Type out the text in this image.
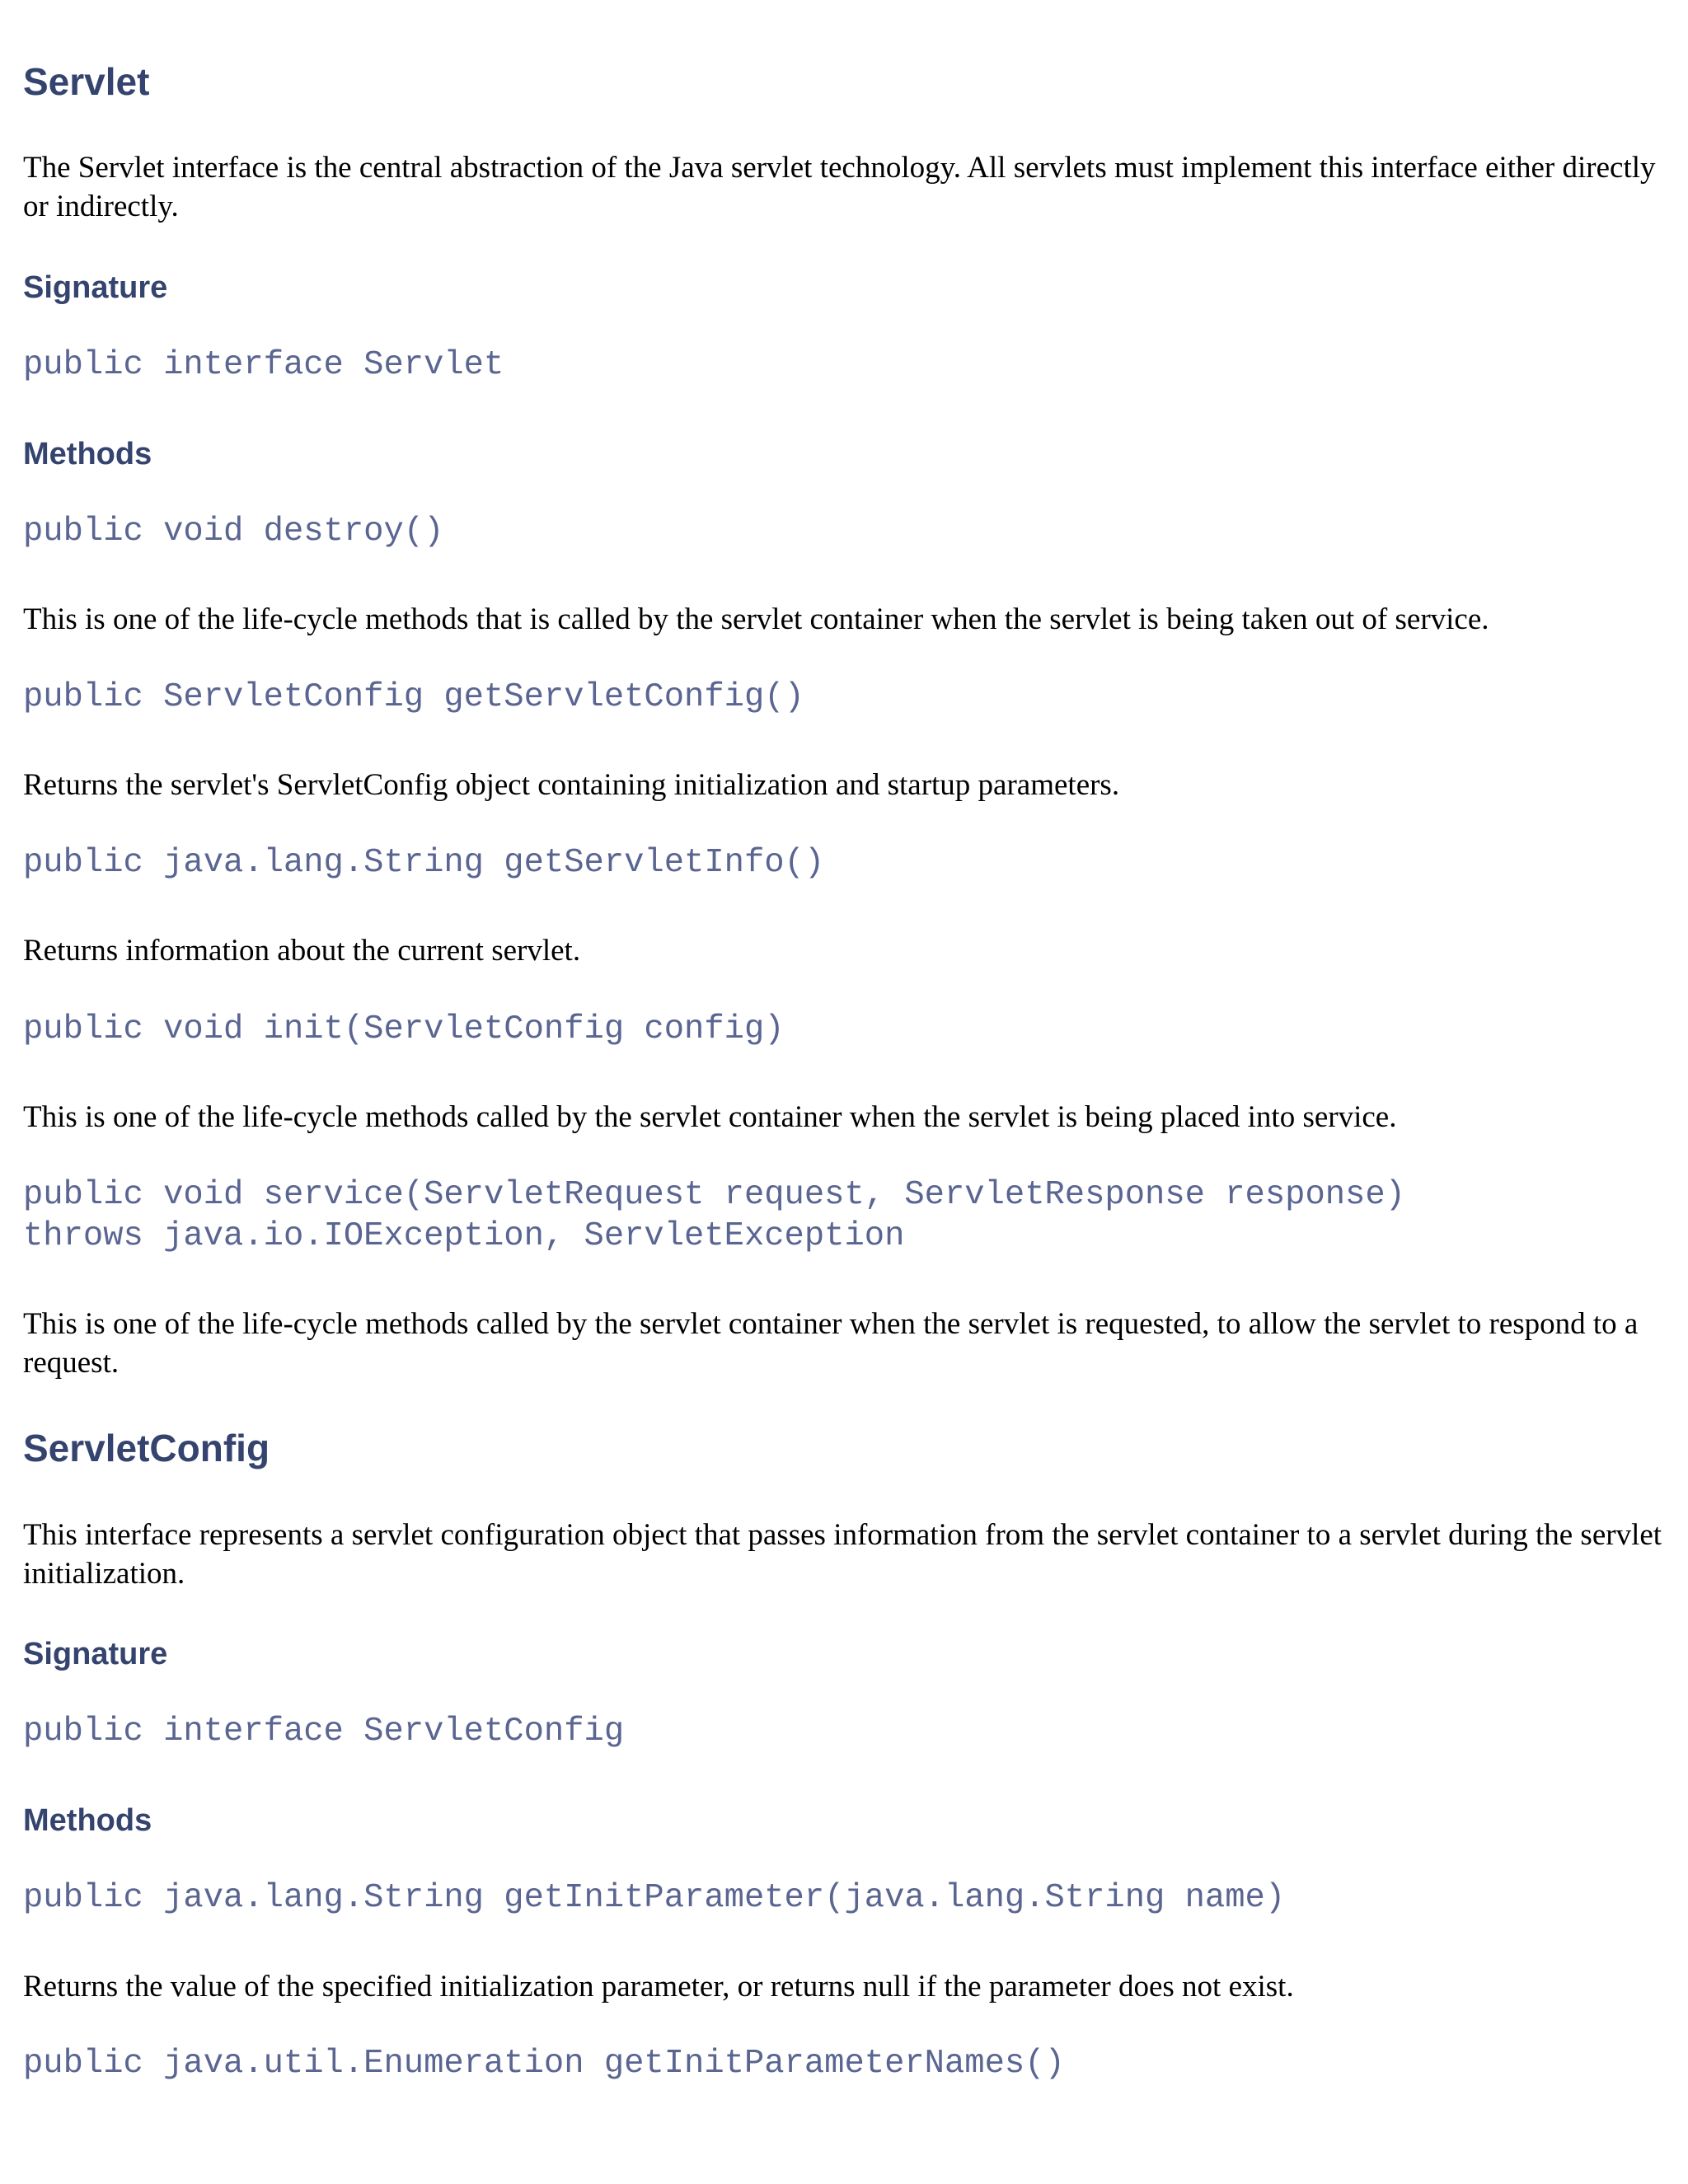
Servlet

The Servlet interface is the central abstraction of the Java servlet technology. All servlets must implement this interface either directly or indirectly.

Signature
public interface Servlet
Methods
public void destroy()

This is one of the life-cycle methods that is called by the servlet container when the servlet is being taken out of service.

public ServletConfig getServletConfig()

Returns the servlet's ServletConfig object containing initialization and startup parameters.

public java.lang.String getServletInfo()

Returns information about the current servlet.

public void init(ServletConfig config)

This is one of the life-cycle methods called by the servlet container when the servlet is being placed into service.

public void service(ServletRequest request, ServletResponse response)
throws java.io.IOException, ServletException

This is one of the life-cycle methods called by the servlet container when the servlet is requested, to allow the servlet to respond to a request.

ServletConfig

This interface represents a servlet configuration object that passes information from the servlet container to a servlet during the servlet initialization.

Signature
public interface ServletConfig
Methods
public java.lang.String getInitParameter(java.lang.String name)

Returns the value of the specified initialization parameter, or returns null if the parameter does not exist.

public java.util.Enumeration getInitParameterNames()
